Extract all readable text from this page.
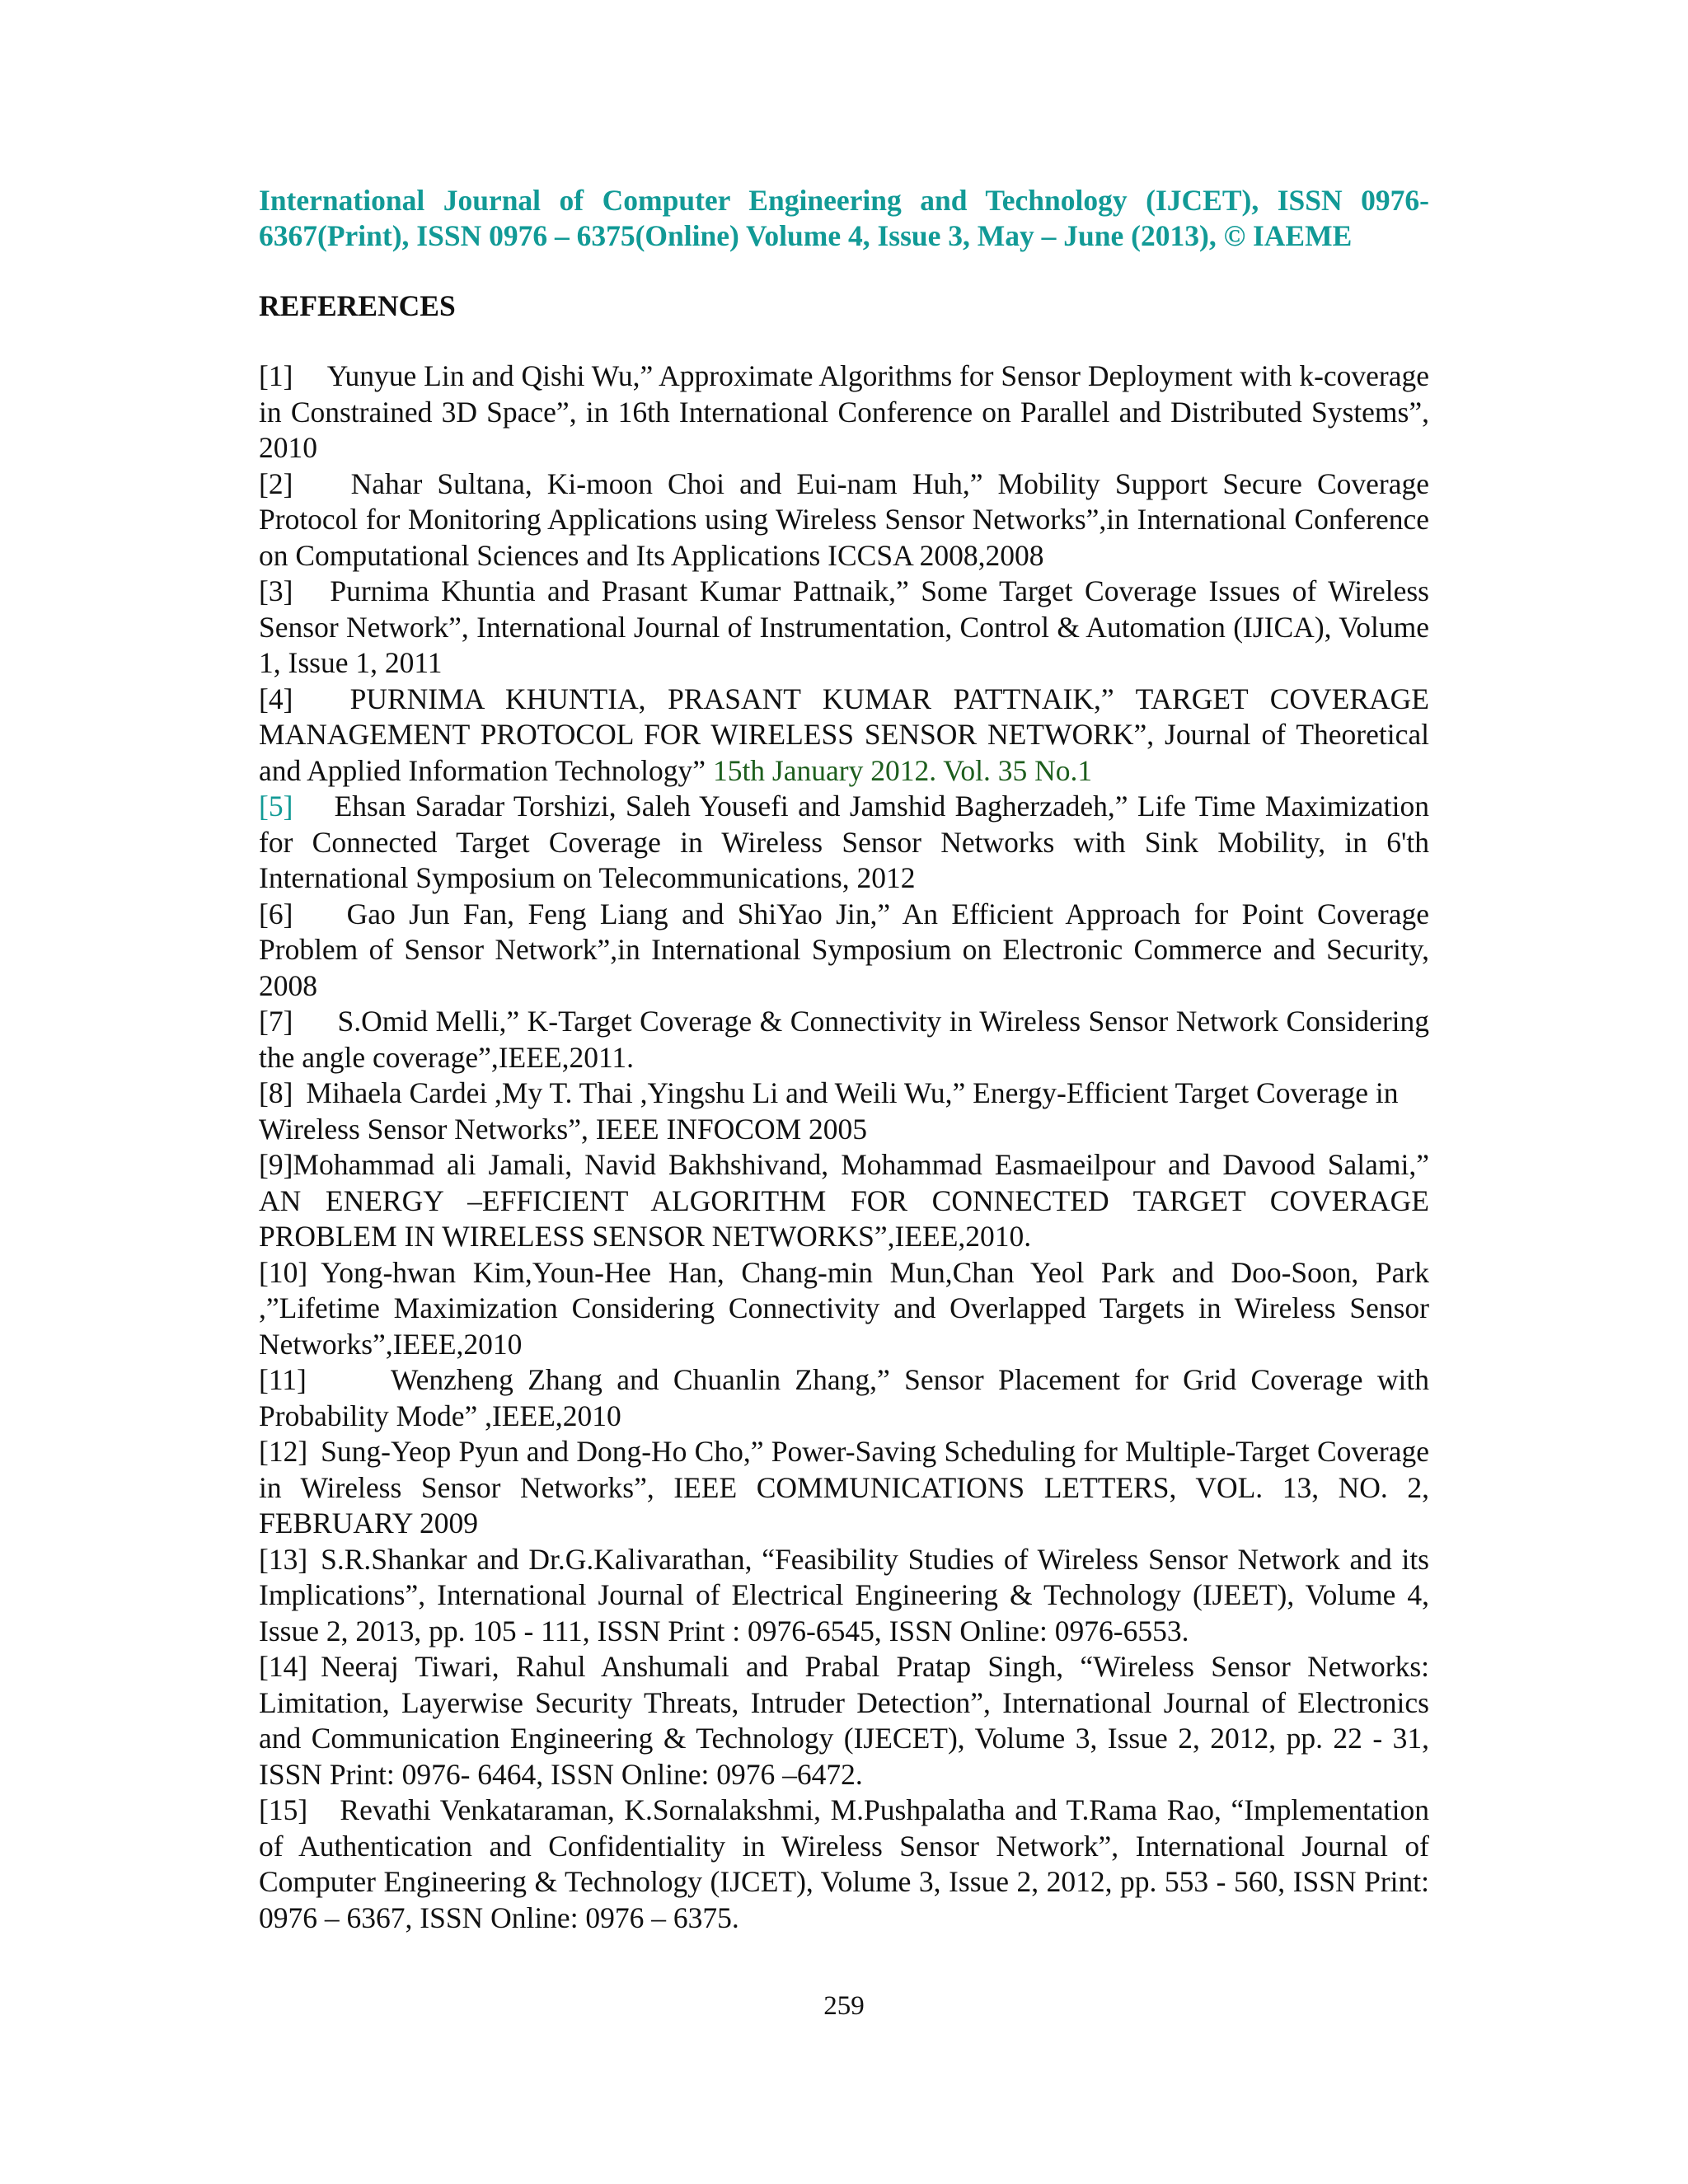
International Journal of Computer Engineering and Technology (IJCET), ISSN 0976-6367(Print), ISSN 0976 – 6375(Online) Volume 4, Issue 3, May – June (2013), © IAEME
REFERENCES

[1] Yunyue Lin and Qishi Wu,” Approximate Algorithms for Sensor Deployment with k-coverage in Constrained 3D Space”, in 16th International Conference on Parallel and Distributed Systems”, 2010

[2] Nahar Sultana, Ki-moon Choi and Eui-nam Huh,” Mobility Support Secure Coverage Protocol for Monitoring Applications using Wireless Sensor Networks”,in International Conference on Computational Sciences and Its Applications ICCSA 2008,2008

[3] Purnima Khuntia and Prasant Kumar Pattnaik,” Some Target Coverage Issues of Wireless Sensor Network”, International Journal of Instrumentation, Control & Automation (IJICA), Volume 1, Issue 1, 2011

[4] PURNIMA KHUNTIA, PRASANT KUMAR PATTNAIK,” TARGET COVERAGE MANAGEMENT PROTOCOL FOR WIRELESS SENSOR NETWORK”, Journal of Theoretical and Applied Information Technology” 15th January 2012. Vol. 35 No.1

[5] Ehsan Saradar Torshizi, Saleh Yousefi and Jamshid Bagherzadeh,” Life Time Maximization for Connected Target Coverage in Wireless Sensor Networks with Sink Mobility, in 6'th International Symposium on Telecommunications, 2012

[6] Gao Jun Fan, Feng Liang and ShiYao Jin,” An Efficient Approach for Point Coverage Problem of Sensor Network”,in International Symposium on Electronic Commerce and Security, 2008

[7] S.Omid Melli,” K-Target Coverage & Connectivity in Wireless Sensor Network Considering the angle coverage”,IEEE,2011.

[8] Mihaela Cardei ,My T. Thai ,Yingshu Li and Weili Wu,” Energy-Efficient Target Coverage in Wireless Sensor Networks”, IEEE INFOCOM 2005

[9]Mohammad ali Jamali, Navid Bakhshivand, Mohammad Easmaeilpour and Davood Salami,” AN ENERGY –EFFICIENT ALGORITHM FOR CONNECTED TARGET COVERAGE PROBLEM IN WIRELESS SENSOR NETWORKS”,IEEE,2010.

[10] Yong-hwan Kim,Youn-Hee Han, Chang-min Mun,Chan Yeol Park and Doo-Soon, Park ,”Lifetime Maximization Considering Connectivity and Overlapped Targets in Wireless Sensor Networks”,IEEE,2010

[11]	Wenzheng Zhang and Chuanlin Zhang,” Sensor Placement for Grid Coverage with Probability Mode” ,IEEE,2010

[12] Sung-Yeop Pyun and Dong-Ho Cho,” Power-Saving Scheduling for Multiple-Target Coverage in Wireless Sensor Networks”, IEEE COMMUNICATIONS LETTERS, VOL. 13, NO. 2, FEBRUARY 2009

[13] S.R.Shankar and Dr.G.Kalivarathan, “Feasibility Studies of Wireless Sensor Network and its Implications”, International Journal of Electrical Engineering & Technology (IJEET), Volume 4, Issue 2, 2013, pp. 105 - 111, ISSN Print : 0976-6545, ISSN Online: 0976-6553.

[14] Neeraj Tiwari, Rahul Anshumali and Prabal Pratap Singh, “Wireless Sensor Networks: Limitation, Layerwise Security Threats, Intruder Detection”, International Journal of Electronics and Communication Engineering & Technology (IJECET), Volume 3, Issue 2, 2012, pp. 22 - 31, ISSN Print: 0976- 6464, ISSN Online: 0976 –6472.

[15] Revathi Venkataraman, K.Sornalakshmi, M.Pushpalatha and T.Rama Rao, “Implementation of Authentication and Confidentiality in Wireless Sensor Network”, International Journal of Computer Engineering & Technology (IJCET), Volume 3, Issue 2, 2012, pp. 553 - 560, ISSN Print: 0976 – 6367, ISSN Online: 0976 – 6375.

259
